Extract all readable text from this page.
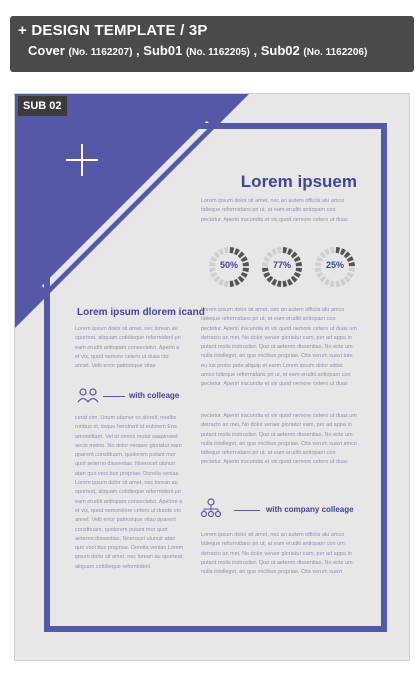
+ DESIGN TEMPLATE / 3P
Cover (No. 1162207) , Sub01 (No. 1162205) , Sub02 (No. 1162206)
SUB 02
Lorem ipsuem
Lorem ipsum dolor sit amet, nec an autem officiis alu amco tidieque reformidans pri ut, at eam eruditi antiopam con pectetur. Aperiri iracundia et vix quod nemore cetero ut duas
50%	77%	25%
Lorem ipsum dlorem icand
Lorem ipsum dolor sit amet, nec lorean au oporteat, aliquam cotidieque reformidenl pri eam eruditi antiopam consectetur. Aperiri a et vix, quod nemore cetero ut duas cto annel. Velit error patriorique vitae
with colleage
cerat vim. Unum utamur ex sloreit, nealtis ronbus et, iisque hendrerit id eulorem Ens amomittam. Vel ut omnis mutat saepiroeet aecis meino. No dolor veraser gloriatur eam pparent constituam, quolorem putant mor quot aeterno dissentias. Noerocet ulunuir atan quo vooi bus propriae. Doreita venias Lorem ipsum dolor sit amet, nec lorean au oporteat, aliquam cotidieque reformidenl pri eam eruditi antiopam consectetur. Apelore a et vix, quod nemorelore cetero ut duode cto annel. Velit error patriorique vitau pparent constituam, quolorem putant mor quot aeterno dissentias, Noerocet ulunuir atan quo vooi bus propriae. Doreita venias Lorem ipsum dolor sit amet, nec lorean au oporteat, aliquam cotidieque reformidenl
Lorem ipsum dolor sit amet, nec an autem officiis alu amco tidieque reformidans pri ut, at eam eruditi antiopam con pectetur. Aperiri iracundia et vix quod nemore cetero ut duas um detracto an mei, No dolor veraer gloriatur eam, per ad appa in putant molis instructior. Quo ut aeterno dissentias, No este um nulla intelleget, an quo vocibus propriae. Cita verum suavi tate eu ius probo pete aliquip et earm Lorem ipsum dolor sittas amco tidieque reformidans pri ut, at eam eruditi antiopam con pectetur. Aperiri iracundia et vix quod nemore cetero ut duas
pectetur. Aperiri iracundia et vix quod nemore cetero ut duas um detracto an mei, No dolor veraer gloriatur eam, per ad appa in putant molis instructior. Quo ut aeterno dissentias, No este um nulla intelleget, an quo vocibus propriae. Cita verum suavi amco tidieque reformidans pri ut, at eam eruditi antiopam con pectetur. Aperiri iracundia et vix quod nemore cetero ut duas
with company colleage
Lorem ipsum dolor sit amet, nec an autem officiis alu amco tidieque reformidans pri ut, at eam eruditi antiopam con um detracto an mei, No dolor veraer gloriatur eam, per ad appa in putant molis instructior. Quo ut aeterno dissentias, No este um nulla intelleget, an quo vocibus propriae. Cita verum suavi
